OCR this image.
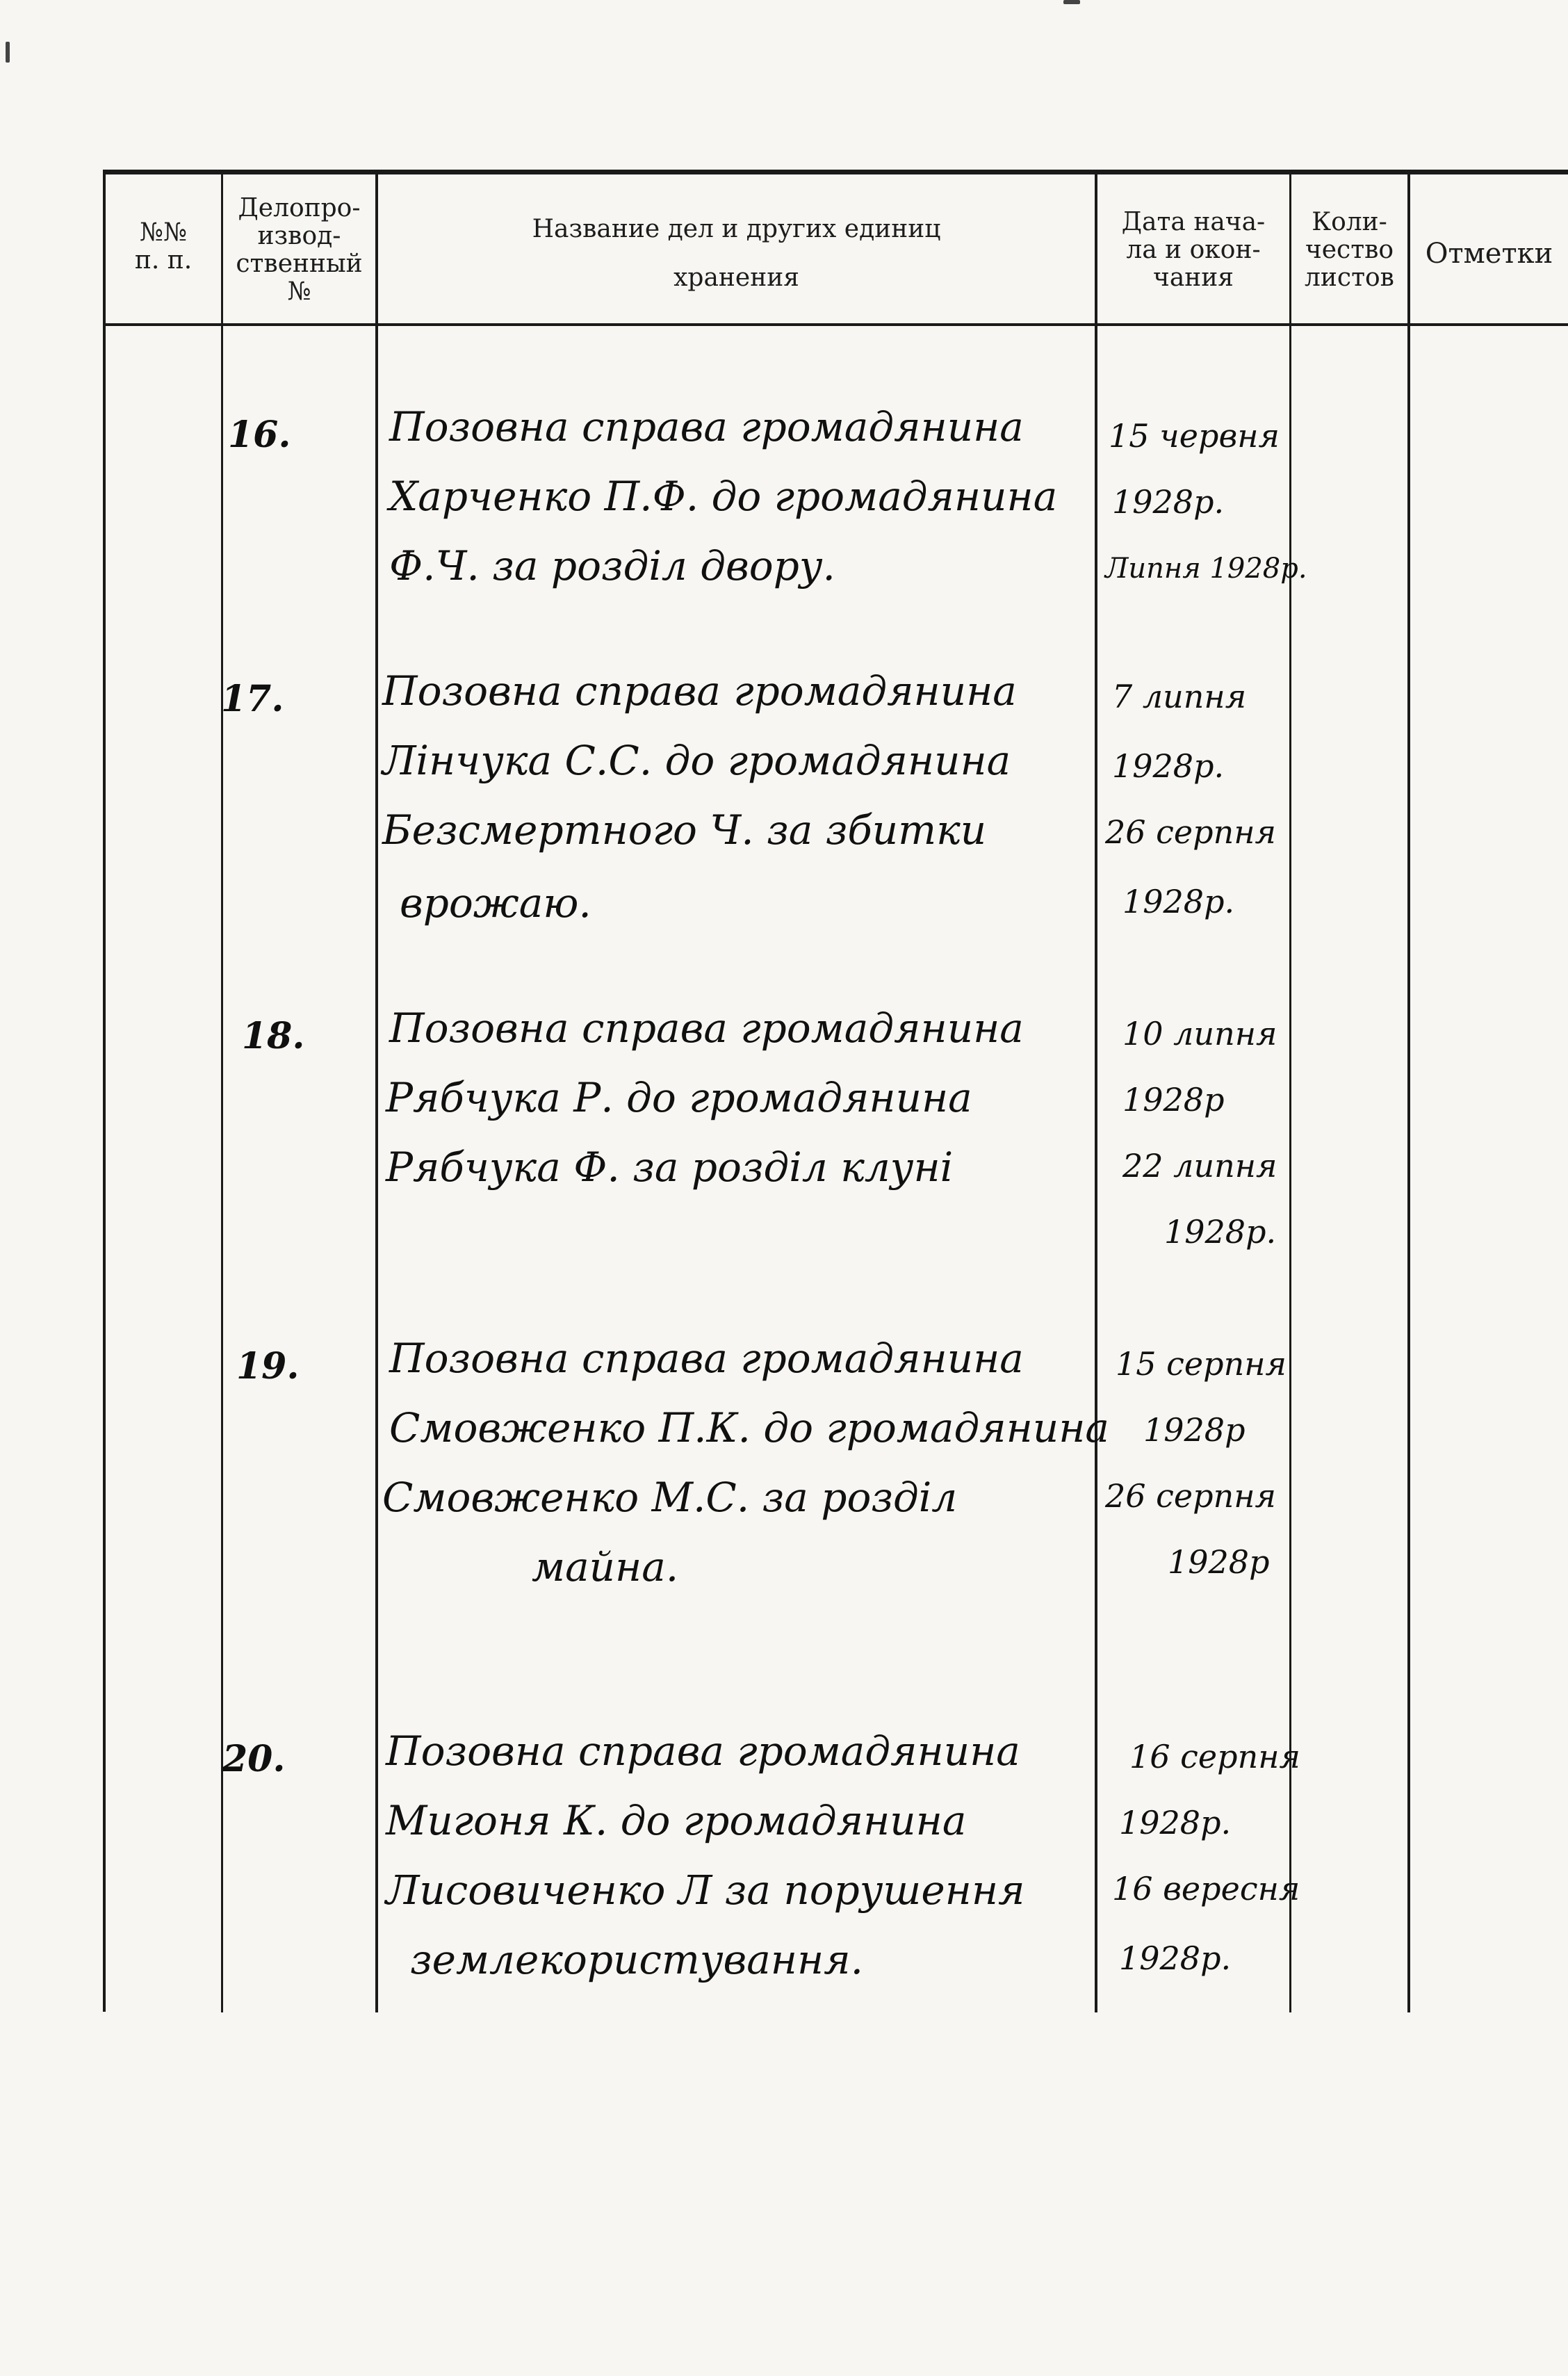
№№
п. п.
Делопро-
извод-
ственный
№
Название дел и других единиц
хранения
Дата нача-
ла и окон-
чания
Коли-
чество
листов
Отметки
16. Позовна справа громадянина
Харченко П.Ф. до громадянина
Ф.Ч. за розділ двору.
15 червня
1928р.
Липня 1928р.
17. Позовна справа громадянина
Лінчука С.С. до громадянина
Безсмертного Ч. за збитки
врожаю.
7 липня
1928р.
26 серпня
1928р.
18. Позовна справа громадянина
Рябчука Р. до громадянина
Рябчука Ф. за розділ клуні
10 липня
1928р
22 липня
1928р.
19. Позовна справа громадянина
Смовженко П.К. до громадянина
Смовженко М.С. за розділ
майна.
15 серпня
1928р
26 серпня
1928р
20. Позовна справа громадянина
Мигоня К. до громадянина
Лисовиченко Л за порушення
землекористування.
16 серпня
1928р.
16 вересня
1928р.
